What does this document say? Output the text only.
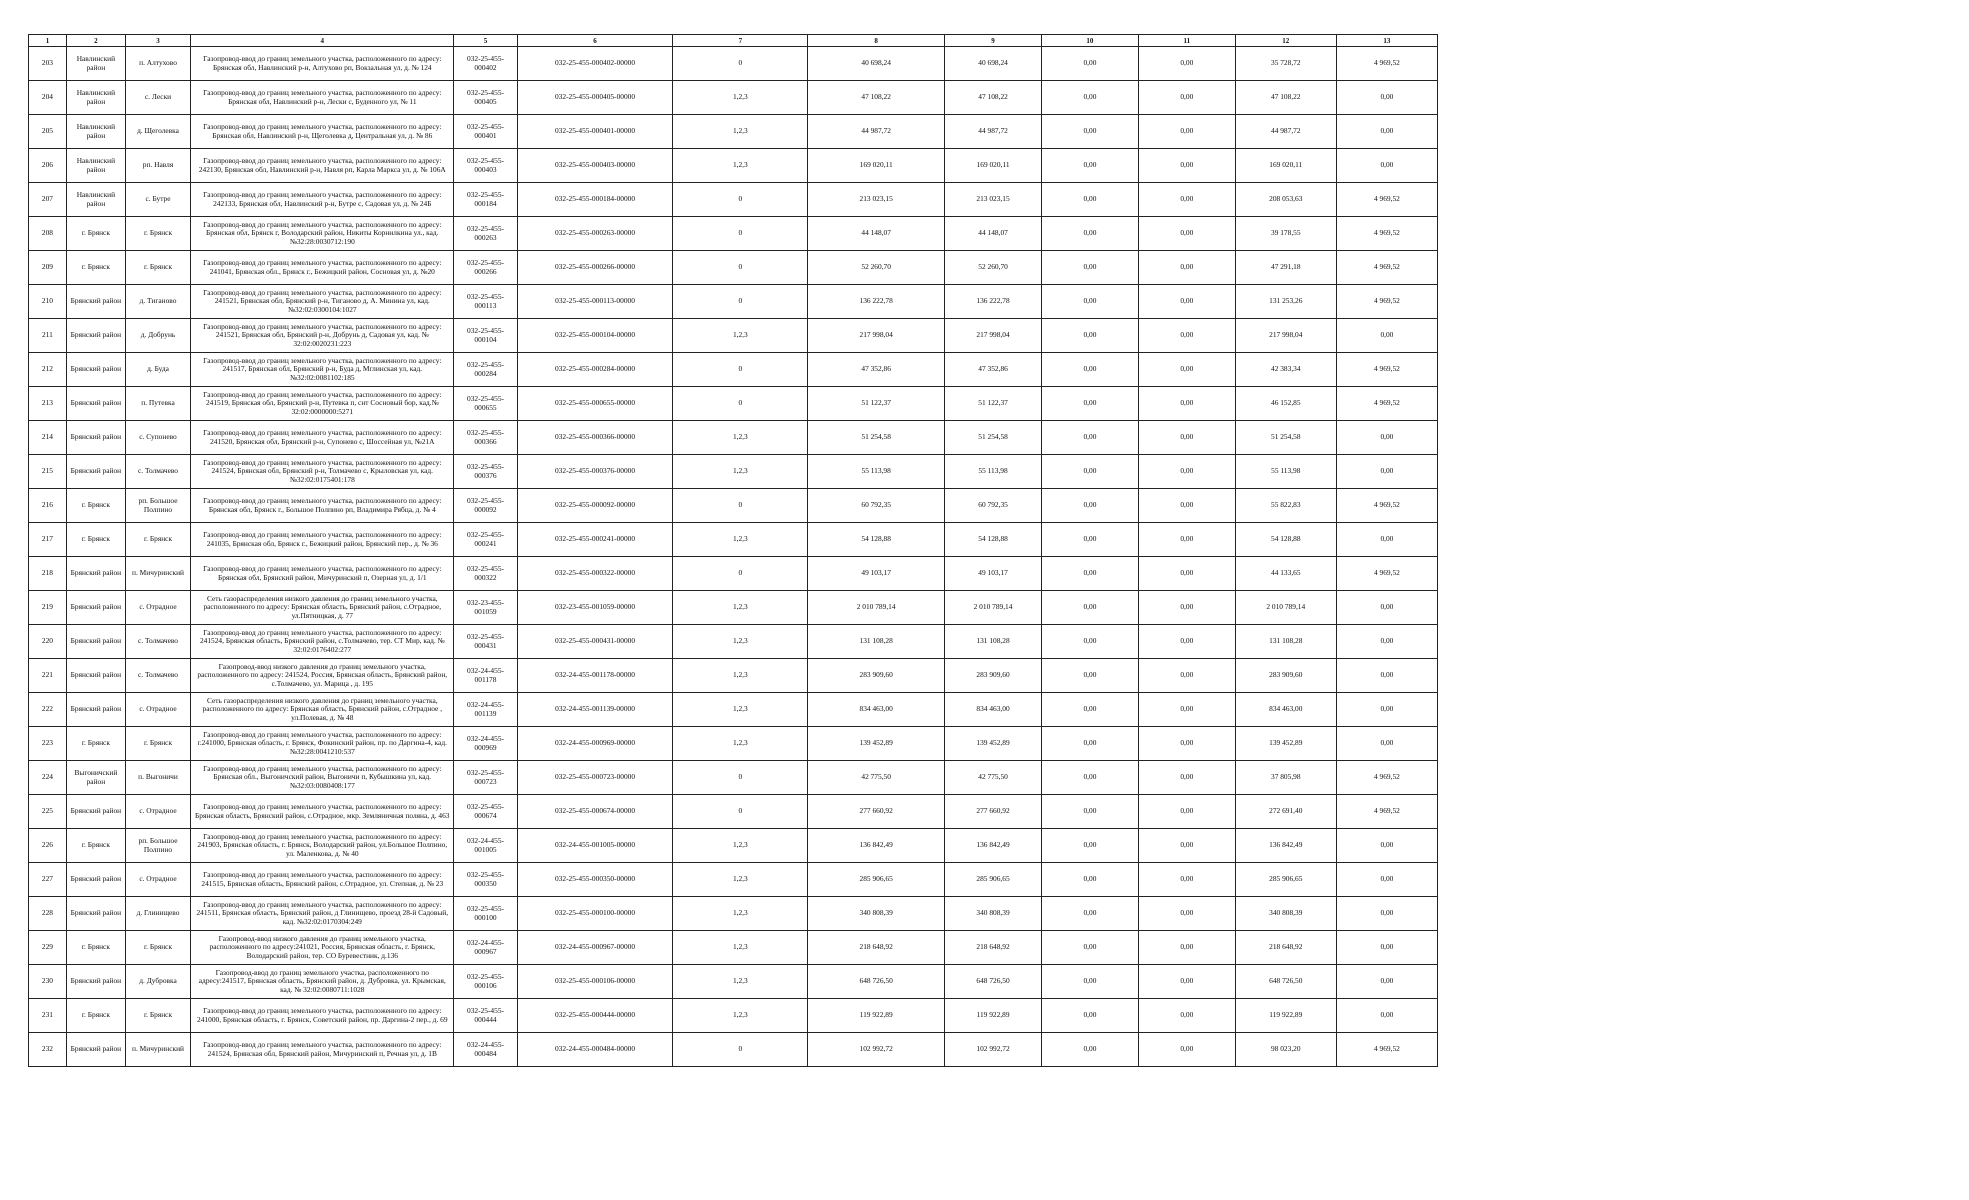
1	2	3	4	5	6	7	8	9	10	11	12	13
203	Навлинский район	п. Алтухово	Газопровод-ввод до границ земельного участка, расположенного по адресу: Брянская обл, Навлинский р-н, Алтухово рп, Вокзальная ул, д. № 124	032-25-455-000402	032-25-455-000402-00000	0	40 698,24	40 698,24	0,00	0,00	35 728,72	4 969,52
204	Навлинский район	с. Лески	Газопровод-ввод до границ земельного участка, расположенного по адресу: Брянская обл, Навлинский р-н, Лески с, Буденного ул, № 11	032-25-455-000405	032-25-455-000405-00000	1,2,3	47 108,22	47 108,22	0,00	0,00	47 108,22	0,00
205	Навлинский район	д. Щеголевка	Газопровод-ввод до границ земельного участка, расположенного по адресу: Брянская обл, Навлинский р-н, Щеголевка д, Центральная ул, д. № 86	032-25-455-000401	032-25-455-000401-00000	1,2,3	44 987,72	44 987,72	0,00	0,00	44 987,72	0,00
206	Навлинский район	рп. Навля	Газопровод-ввод до границ земельного участка, расположенного по адресу: 242130, Брянская обл, Навлинский р-н, Навля рп, Карла Маркса ул, д. № 106А	032-25-455-000403	032-25-455-000403-00000	1,2,3	169 020,11	169 020,11	0,00	0,00	169 020,11	0,00
207	Навлинский район	с. Бутре	Газопровод-ввод до границ земельного участка, расположенного по адресу: 242133, Брянская обл, Навлинский р-н, Бутре с, Садовая ул, д. № 24Б	032-25-455-000184	032-25-455-000184-00000	0	213 023,15	213 023,15	0,00	0,00	208 053,63	4 969,52
208	г. Брянск	г. Брянск	Газопровод-ввод до границ земельного участка, расположенного по адресу: Брянская обл, Брянск г, Володарский район, Никиты Корнилкина ул., кад. №32:28:0030712:190	032-25-455-000263	032-25-455-000263-00000	0	44 148,07	44 148,07	0,00	0,00	39 178,55	4 969,52
209	г. Брянск	г. Брянск	Газопровод-ввод до границ земельного участка, расположенного по адресу: 241041, Брянская обл., Брянск г., Бежицкий район, Сосновая ул, д. №20	032-25-455-000266	032-25-455-000266-00000	0	52 260,70	52 260,70	0,00	0,00	47 291,18	4 969,52
210	Брянский район	д. Тиганово	Газопровод-ввод до границ земельного участка, расположенного по адресу: 241521, Брянская обл, Брянский р-н, Тиганово д, А. Минина ул, кад. №32:02:0300104:1027	032-25-455-000113	032-25-455-000113-00000	0	136 222,78	136 222,78	0,00	0,00	131 253,26	4 969,52
211	Брянский район	д. Добрунь	Газопровод-ввод до границ земельного участка, расположенного по адресу: 241521, Брянская обл, Брянский р-н, Добрунь д, Садовая ул, кад. № 32:02:0020231:223	032-25-455-000104	032-25-455-000104-00000	1,2,3	217 998,04	217 998,04	0,00	0,00	217 998,04	0,00
212	Брянский район	д. Буда	Газопровод-ввод до границ земельного участка, расположенного по адресу: 241517, Брянская обл, Брянский р-н, Буда д, Мглинская ул, кад. №32:02:0081102:185	032-25-455-000284	032-25-455-000284-00000	0	47 352,86	47 352,86	0,00	0,00	42 383,34	4 969,52
213	Брянский район	п. Путевка	Газопровод-ввод до границ земельного участка, расположенного по адресу: 241519, Брянская обл, Брянский р-н, Путевка п, снт Сосновый бор, кад.№ 32:02:0000000:5271	032-25-455-000655	032-25-455-000655-00000	0	51 122,37	51 122,37	0,00	0,00	46 152,85	4 969,52
214	Брянский район	с. Супонево	Газопровод-ввод до границ земельного участка, расположенного по адресу: 241520, Брянская обл, Брянский р-н, Супонево с, Шоссейная ул, №21А	032-25-455-000366	032-25-455-000366-00000	1,2,3	51 254,58	51 254,58	0,00	0,00	51 254,58	0,00
215	Брянский район	с. Толмачево	Газопровод-ввод до границ земельного участка, расположенного по адресу: 241524, Брянская обл, Брянский р-н, Толмачево с, Крыловская ул, кад. №32:02:0175401:178	032-25-455-000376	032-25-455-000376-00000	1,2,3	55 113,98	55 113,98	0,00	0,00	55 113,98	0,00
216	г. Брянск	рп. Большое Полпино	Газопровод-ввод до границ земельного участка, расположенного по адресу: Брянская обл, Брянск г., Большое Полпино рп, Владимира Рябца, д. № 4	032-25-455-000092	032-25-455-000092-00000	0	60 792,35	60 792,35	0,00	0,00	55 822,83	4 969,52
217	г. Брянск	г. Брянск	Газопровод-ввод до границ земельного участка, расположенного по адресу: 241035, Брянская обл, Брянск г., Бежицкий район, Брянский пер., д. № 36	032-25-455-000241	032-25-455-000241-00000	1,2,3	54 128,88	54 128,88	0,00	0,00	54 128,88	0,00
218	Брянский район	п. Мичуринский	Газопровод-ввод до границ земельного участка, расположенного по адресу: Брянская обл, Брянский район, Мичуринский п, Озерная ул, д. 1/1	032-25-455-000322	032-25-455-000322-00000	0	49 103,17	49 103,17	0,00	0,00	44 133,65	4 969,52
219	Брянский район	с. Отрадное	Сеть газораспределения низкого давления до границ земельного участка, расположенного по адресу: Брянская область, Брянский район, с.Отрадное, ул.Пятницкая, д. 77	032-23-455-001059	032-23-455-001059-00000	1,2,3	2 010 789,14	2 010 789,14	0,00	0,00	2 010 789,14	0,00
220	Брянский район	с. Толмачево	Газопровод-ввод до границ земельного участка, расположенного по адресу: 241524, Брянская область, Брянский район, с.Толмачево, тер. СТ Мир, кад. № 32:02:0176402:277	032-25-455-000431	032-25-455-000431-00000	1,2,3	131 108,28	131 108,28	0,00	0,00	131 108,28	0,00
221	Брянский район	с. Толмачево	Газопровод-ввод низкого давления до границ земельного участка, расположенного по адресу: 241524, Россия, Брянская область, Брянский район, с.Толмачево, ул. Марица , д. 195	032-24-455-001178	032-24-455-001178-00000	1,2,3	283 909,60	283 909,60	0,00	0,00	283 909,60	0,00
222	Брянский район	с. Отрадное	Сеть газораспределения низкого давления до границ земельного участка, расположенного по адресу: Брянская область, Брянский район, с.Отрадное , ул.Полевая, д. № 48	032-24-455-001139	032-24-455-001139-00000	1,2,3	834 463,00	834 463,00	0,00	0,00	834 463,00	0,00
223	г. Брянск	г. Брянск	Газопровод-ввод до границ земельного участка, расположенного по адресу: г.241000, Брянская область, г. Брянск, Фокинский район, пр. по Даргина-4, кад. №32:28:0041210:537	032-24-455-000969	032-24-455-000969-00000	1,2,3	139 452,89	139 452,89	0,00	0,00	139 452,89	0,00
224	Выгоничский район	п. Выгоничи	Газопровод-ввод до границ земельного участка, расположенного по адресу: Брянская обл., Выгоничский район, Выгоничи п, Кубышкина ул, кад. №32:03:0080408:177	032-25-455-000723	032-25-455-000723-00000	0	42 775,50	42 775,50	0,00	0,00	37 805,98	4 969,52
225	Брянский район	с. Отрадное	Газопровод-ввод до границ земельного участка, расположенного по адресу: Брянская область, Брянский район, с.Отрадное, мкр. Земляничная поляна, д. 463	032-25-455-000674	032-25-455-000674-00000	0	277 660,92	277 660,92	0,00	0,00	272 691,40	4 969,52
226	г. Брянск	рп. Большое Полпино	Газопровод-ввод до границ земельного участка, расположенного по адресу: 241903, Брянская область, г. Брянск, Володарский район, ул.Большое Полпино, ул. Маленкова, д. № 40	032-24-455-001005	032-24-455-001005-00000	1,2,3	136 842,49	136 842,49	0,00	0,00	136 842,49	0,00
227	Брянский район	с. Отрадное	Газопровод-ввод до границ земельного участка, расположенного по адресу: 241515, Брянская область, Брянский район, с.Отрадное, ул. Степная, д. № 23	032-25-455-000350	032-25-455-000350-00000	1,2,3	285 906,65	285 906,65	0,00	0,00	285 906,65	0,00
228	Брянский район	д. Глинищево	Газопровод-ввод до границ земельного участка, расположенного по адресу: 241511, Брянская область, Брянский район, д Глинищево, проезд 28-й Садовый, кад. №32:02:0170304:249	032-25-455-000100	032-25-455-000100-00000	1,2,3	340 808,39	340 808,39	0,00	0,00	340 808,39	0,00
229	г. Брянск	г. Брянск	Газопровод-ввод низкого давления до границ земельного участка, расположенного по адресу:241021, Россия, Брянская область, г. Брянск, Володарский район, тер. СО Буревестник, д.136	032-24-455-000967	032-24-455-000967-00000	1,2,3	218 648,92	218 648,92	0,00	0,00	218 648,92	0,00
230	Брянский район	д. Дубровка	Газопровод-ввод до границ земельного участка, расположенного по адресу:241517, Брянская область, Брянский район, д. Дубровка, ул. Крымская, кад. № 32:02:0080711:1028	032-25-455-000106	032-25-455-000106-00000	1,2,3	648 726,50	648 726,50	0,00	0,00	648 726,50	0,00
231	г. Брянск	г. Брянск	Газопровод-ввод до границ земельного участка, расположенного по адресу: 241000, Брянская область, г. Брянск, Советский район, пр. Даргина-2 пер., д. 69	032-25-455-000444	032-25-455-000444-00000	1,2,3	119 922,89	119 922,89	0,00	0,00	119 922,89	0,00
232	Брянский район	п. Мичуринский	Газопровод-ввод до границ земельного участка, расположенного по адресу: 241524, Брянская обл, Брянский район, Мичуринский п, Речная ул, д. 1В	032-24-455-000484	032-24-455-000484-00000	0	102 992,72	102 992,72	0,00	0,00	98 023,20	4 969,52
